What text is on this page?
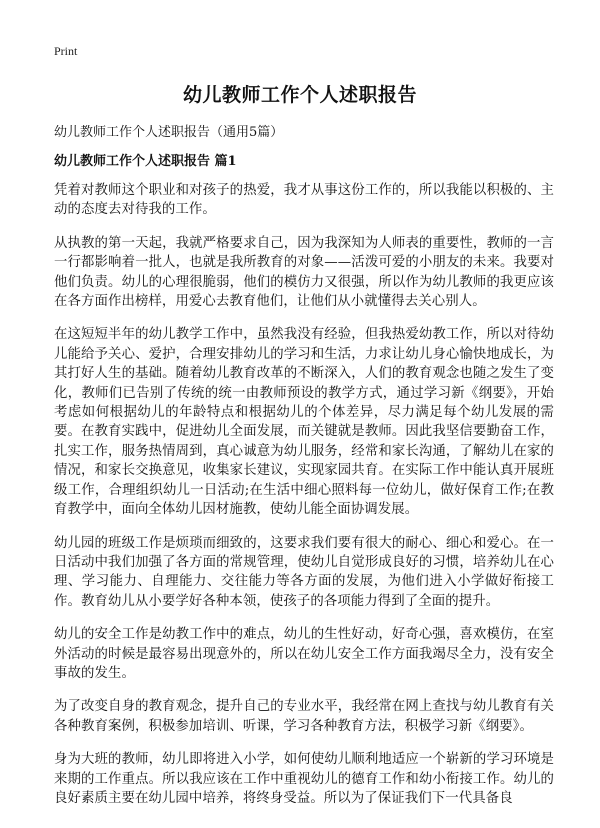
Print
幼儿教师工作个人述职报告

幼儿教师工作个人述职报告（通用5篇）

幼儿教师工作个人述职报告 篇1

凭着对教师这个职业和对孩子的热爱，我才从事这份工作的，所以我能以积极的、主动的态度去对待我的工作。

从执教的第一天起，我就严格要求自己，因为我深知为人师表的重要性，教师的一言一行都影响着一批人，也就是我所教育的对象——活泼可爱的小朋友的未来。我要对他们负责。幼儿的心理很脆弱，他们的模仿力又很强，所以作为幼儿教师的我更应该在各方面作出榜样，用爱心去教育他们，让他们从小就懂得去关心别人。

在这短短半年的幼儿教学工作中，虽然我没有经验，但我热爱幼教工作，所以对待幼儿能给予关心、爱护，合理安排幼儿的学习和生活，力求让幼儿身心愉快地成长，为其打好人生的基础。随着幼儿教育改革的不断深入，人们的教育观念也随之发生了变化，教师们已告别了传统的统一由教师预设的教学方式，通过学习新《纲要》，开始考虑如何根据幼儿的年龄特点和根据幼儿的个体差异，尽力满足每个幼儿发展的需要。在教育实践中，促进幼儿全面发展，而关键就是教师。因此我坚信要勤奋工作，扎实工作，服务热情周到，真心诚意为幼儿服务，经常和家长沟通，了解幼儿在家的情况，和家长交换意见，收集家长建议，实现家园共育。在实际工作中能认真开展班级工作，合理组织幼儿一日活动;在生活中细心照料每一位幼儿，做好保育工作;在教育教学中，面向全体幼儿因材施教，使幼儿能全面协调发展。

幼儿园的班级工作是烦琐而细致的，这要求我们要有很大的耐心、细心和爱心。在一日活动中我们加强了各方面的常规管理，使幼儿自觉形成良好的习惯，培养幼儿在心理、学习能力、自理能力、交往能力等各方面的发展，为他们进入小学做好衔接工作。教育幼儿从小要学好各种本领，使孩子的各项能力得到了全面的提升。

幼儿的安全工作是幼教工作中的难点，幼儿的生性好动，好奇心强，喜欢模仿，在室外活动的时候是最容易出现意外的，所以在幼儿安全工作方面我竭尽全力，没有安全事故的发生。

为了改变自身的教育观念，提升自己的专业水平，我经常在网上查找与幼儿教育有关各种教育案例，积极参加培训、听课，学习各种教育方法，积极学习新《纲要》。

身为大班的教师，幼儿即将进入小学，如何使幼儿顺利地适应一个崭新的学习环境是来期的工作重点。所以我应该在工作中重视幼儿的德育工作和幼小衔接工作。幼儿的良好素质主要在幼儿园中培养，将终身受益。所以为了保证我们下一代具备良
